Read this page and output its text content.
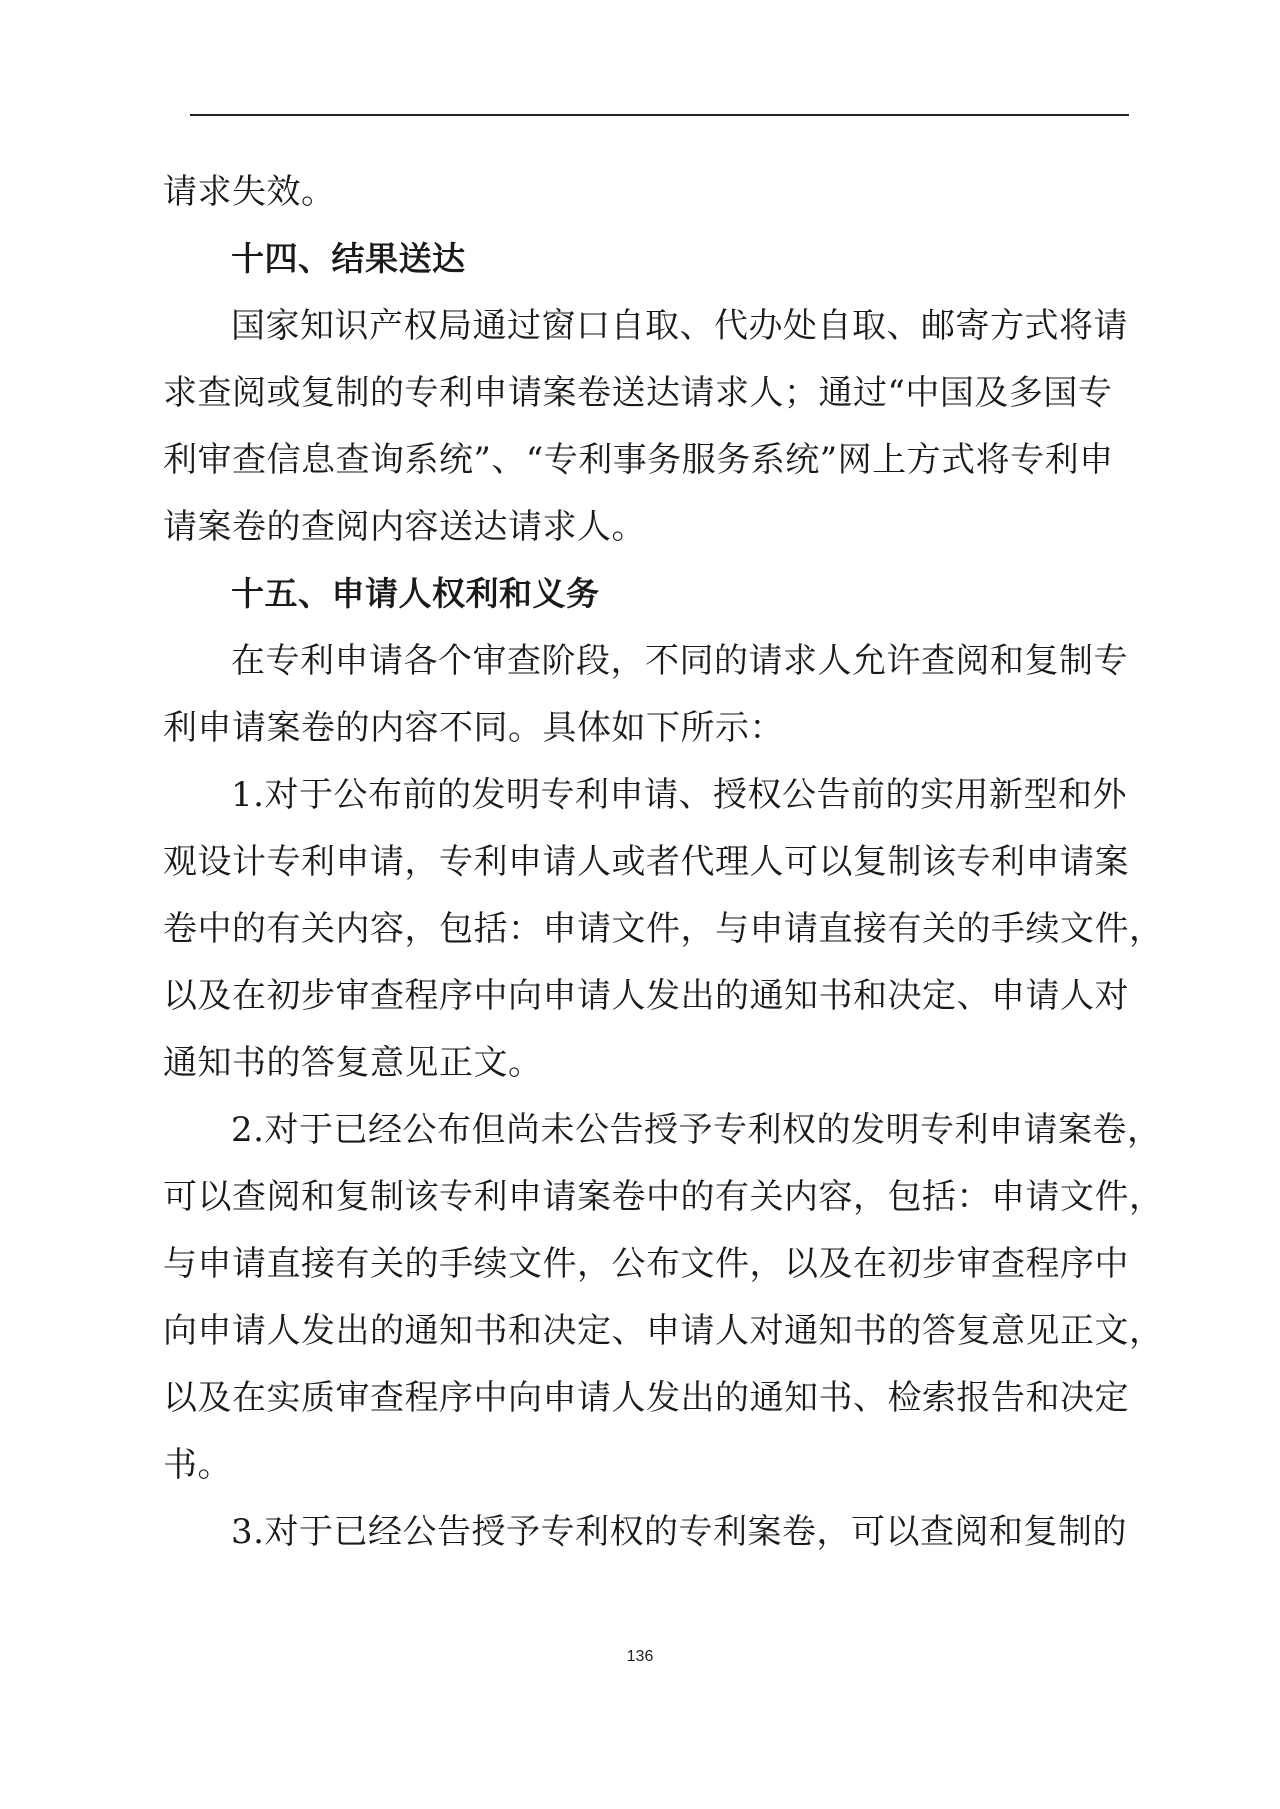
请求失效。
十四、结果送达
国家知识产权局通过窗口自取、代办处自取、邮寄方式将请
求查阅或复制的专利申请案卷送达请求人；通过“中国及多国专
利审查信息查询系统”、“专利事务服务系统”网上方式将专利申
请案卷的查阅内容送达请求人。
十五、申请人权利和义务
在专利申请各个审查阶段，不同的请求人允许查阅和复制专
利申请案卷的内容不同。具体如下所示：
1.对于公布前的发明专利申请、授权公告前的实用新型和外
观设计专利申请，专利申请人或者代理人可以复制该专利申请案
卷中的有关内容，包括：申请文件，与申请直接有关的手续文件，
以及在初步审查程序中向申请人发出的通知书和决定、申请人对
通知书的答复意见正文。
2.对于已经公布但尚未公告授予专利权的发明专利申请案卷，
可以查阅和复制该专利申请案卷中的有关内容，包括：申请文件，
与申请直接有关的手续文件，公布文件，以及在初步审查程序中
向申请人发出的通知书和决定、申请人对通知书的答复意见正文，
以及在实质审查程序中向申请人发出的通知书、检索报告和决定
书。
3.对于已经公告授予专利权的专利案卷，可以查阅和复制的
136
